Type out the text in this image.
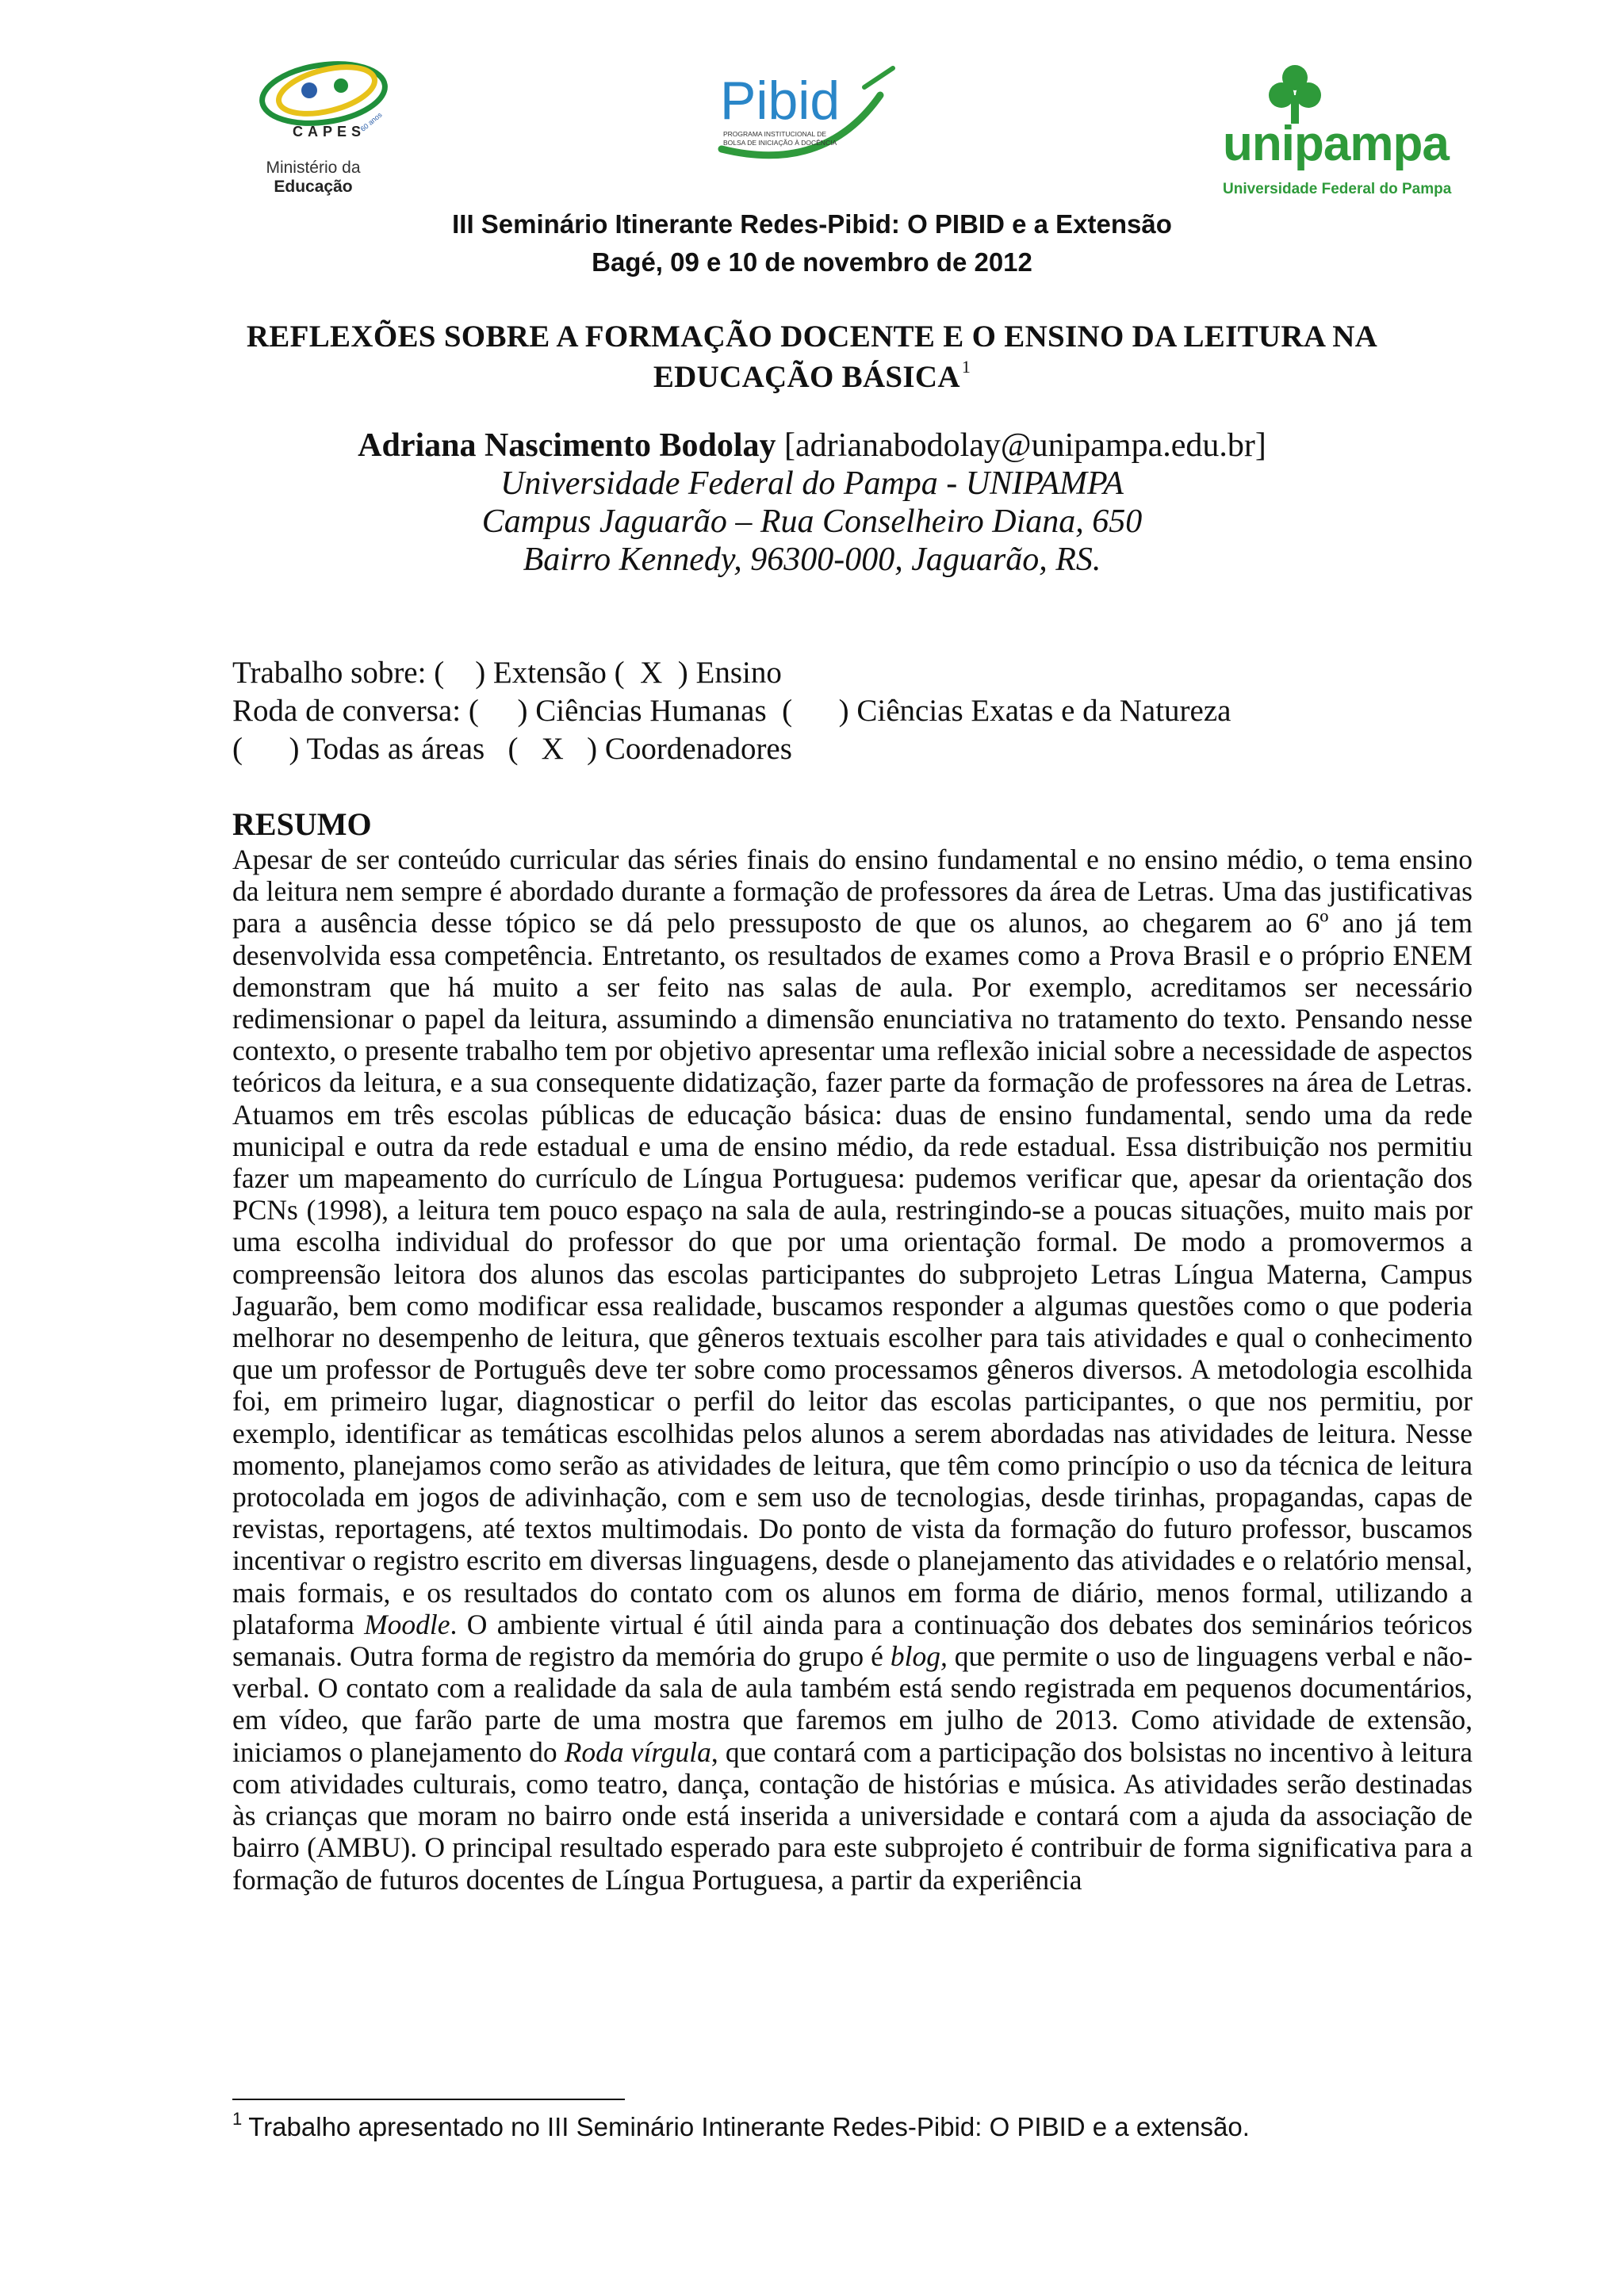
CAPES
60 anos
Ministério da
Educação
Pibid
PROGRAMA INSTITUCIONAL DE
BOLSA DE INICIAÇÃO À DOCÊNCIA	unipampa
Universidade Federal do Pampa
III Seminário Itinerante Redes-Pibid: O PIBID e a Extensão
Bagé, 09 e 10 de novembro de 2012
REFLEXÕES SOBRE A FORMAÇÃO DOCENTE E O ENSINO DA LEITURA NA
EDUCAÇÃO BÁSICA$^1$
Adriana Nascimento Bodolay [adrianabodolay@unipampa.edu.br]
Universidade Federal do Pampa - UNIPAMPA
Campus Jaguarão – Rua Conselheiro Diana, 650
Bairro Kennedy, 96300-000, Jaguarão, RS.
Trabalho sobre: (    ) Extensão (  X  ) Ensino
Roda de conversa: (     ) Ciências Humanas  (      ) Ciências Exatas e da Natureza
(      ) Todas as áreas   (   X   ) Coordenadores
RESUMO
Apesar de ser conteúdo curricular das séries finais do ensino fundamental e no ensino médio, o tema ensino da leitura nem sempre é abordado durante a formação de professores da área de Letras. Uma das justificativas para a ausência desse tópico se dá pelo pressuposto de que os alunos, ao chegarem ao 6º ano já tem desenvolvida essa competência. Entretanto, os resultados de exames como a Prova Brasil e o próprio ENEM demonstram que há muito a ser feito nas salas de aula. Por exemplo, acreditamos ser necessário redimensionar o papel da leitura, assumindo a dimensão enunciativa no tratamento do texto. Pensando nesse contexto, o presente trabalho tem por objetivo apresentar uma reflexão inicial sobre a necessidade de aspectos teóricos da leitura, e a sua consequente didatização, fazer parte da formação de professores na área de Letras. Atuamos em três escolas públicas de educação básica: duas de ensino fundamental, sendo uma da rede municipal e outra da rede estadual e uma de ensino médio, da rede estadual. Essa distribuição nos permitiu fazer um mapeamento do currículo de Língua Portuguesa: pudemos verificar que, apesar da orientação dos PCNs (1998), a leitura tem pouco espaço na sala de aula, restringindo-se a poucas situações, muito mais por uma escolha individual do professor do que por uma orientação formal. De modo a promovermos a compreensão leitora dos alunos das escolas participantes do subprojeto Letras Língua Materna, Campus Jaguarão, bem como modificar essa realidade, buscamos responder a algumas questões como o que poderia melhorar no desempenho de leitura, que gêneros textuais escolher para tais atividades e qual o conhecimento que um professor de Português deve ter sobre como processamos gêneros diversos. A metodologia escolhida foi, em primeiro lugar, diagnosticar o perfil do leitor das escolas participantes, o que nos permitiu, por exemplo, identificar as temáticas escolhidas pelos alunos a serem abordadas nas atividades de leitura. Nesse momento, planejamos como serão as atividades de leitura, que têm como princípio o uso da técnica de leitura protocolada em jogos de adivinhação, com e sem uso de tecnologias, desde tirinhas, propagandas, capas de revistas, reportagens, até textos multimodais. Do ponto de vista da formação do futuro professor, buscamos incentivar o registro escrito em diversas linguagens, desde o planejamento das atividades e o relatório mensal, mais formais, e os resultados do contato com os alunos em forma de diário, menos formal, utilizando a plataforma Moodle. O ambiente virtual é útil ainda para a continuação dos debates dos seminários teóricos semanais. Outra forma de registro da memória do grupo é blog, que permite o uso de linguagens verbal e não-verbal. O contato com a realidade da sala de aula também está sendo registrada em pequenos documentários, em vídeo, que farão parte de uma mostra que faremos em julho de 2013. Como atividade de extensão, iniciamos o planejamento do Roda vírgula, que contará com a participação dos bolsistas no incentivo à leitura com atividades culturais, como teatro, dança, contação de histórias e música. As atividades serão destinadas às crianças que moram no bairro onde está inserida a universidade e contará com a ajuda da associação de bairro (AMBU). O principal resultado esperado para este subprojeto é contribuir de forma significativa para a formação de futuros docentes de Língua Portuguesa, a partir da experiência
$^1$ Trabalho apresentado no III Seminário Intinerante Redes-Pibid: O PIBID e a extensão.
